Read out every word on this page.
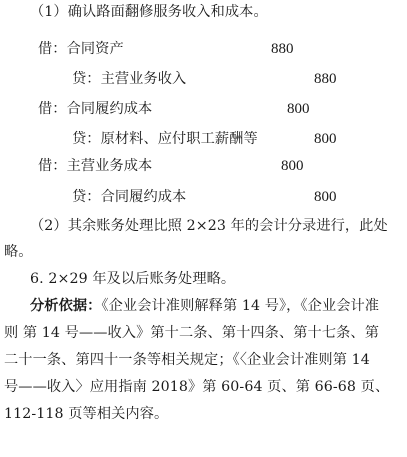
（1）确认路面翻修服务收入和成本。
借：合同资产	880
贷：主营业务收入	880
借：合同履约成本	800
贷：原材料、应付职工薪酬等	800
借：主营业务成本	800
贷：合同履约成本	800
（2）其余账务处理比照 2×23 年的会计分录进行，此处
略。
6. 2×29 年及以后账务处理略。
分析依据：《企业会计准则解释第 14 号》，《企业会计准
则 第 14 号——收入》第十二条、第十四条、第十七条、第
二十一条、第四十一条等相关规定；《〈企业会计准则第 14
号——收入〉应用指南 2018》第 60-64 页、第 66-68 页、
112-118 页等相关内容。
